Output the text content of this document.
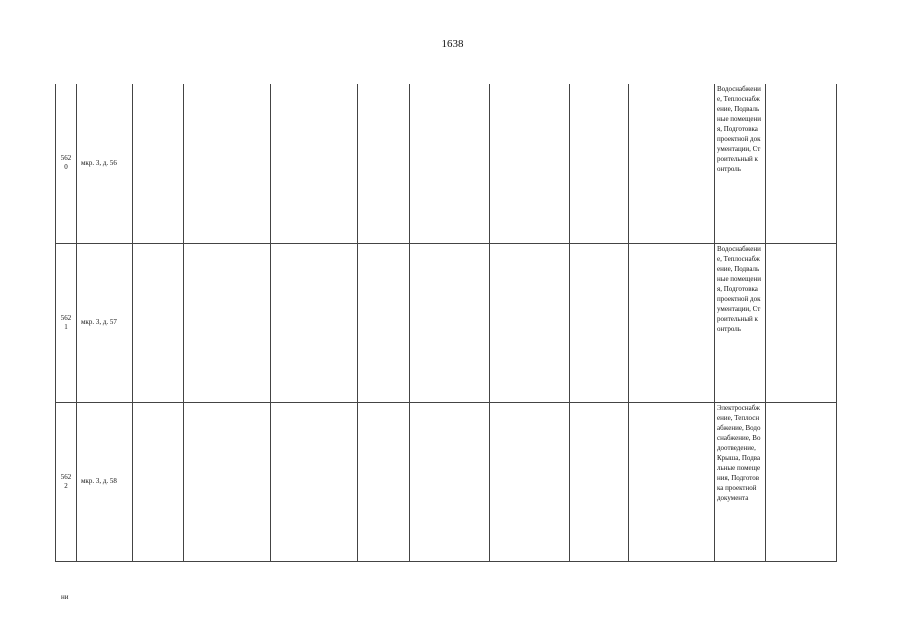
1638
5620	мкр. 3, д. 56									Водоснабжение, Теплоснабжение, Подвальные помещения, Подготовка проектной документации, Строительный контроль	

5621	мкр. 3, д. 57									Водоснабжение, Теплоснабжение, Подвальные помещения, Подготовка проектной документации, Строительный контроль	

5622	мкр. 3, д. 58									Электроснабжение, Теплоснабжение, Водоснабжение, Водоотведение, Крыша, Подвальные помещения, Подготовка проектной документа	

ни
